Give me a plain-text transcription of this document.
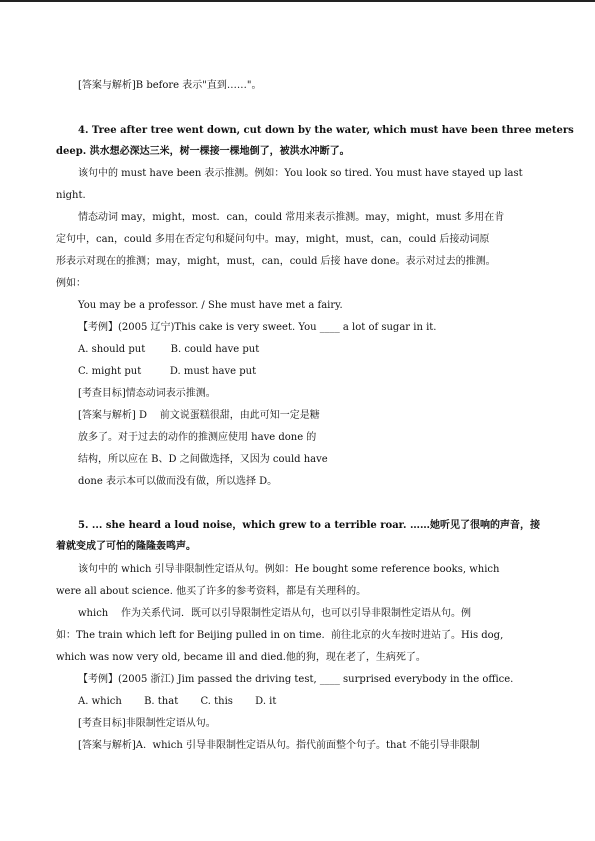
[答案与解析]B before 表示"直到……"。
4. Tree after tree went down, cut down by the water, which must have been three meters
deep. 洪水想必深达三米，树一棵接一棵地倒了，被洪水冲断了。
该句中的 must have been 表示推测。例如：You look so tired. You must have stayed up last
night.
情态动词 may，might，most．can，could 常用来表示推测。may，might，must 多用在肯
定句中，can，could 多用在否定句和疑问句中。may，might，must，can，could 后接动词原
形表示对现在的推测；may，might，must，can，could 后接 have done。表示对过去的推测。
例如：
You may be a professor. / She must have met a fairy.
【考例】(2005 辽宁)This cake is very sweet. You ____ a lot of sugar in it.
A. should put        B. could have put
C. might put         D. must have put
[考查目标]情态动词表示推测。
[答案与解析] D    前文说蛋糕很甜，由此可知一定是糖
放多了。对于过去的动作的推测应使用 have done 的
结构，所以应在 B、D 之间做选择，又因为 could have
done 表示本可以做而没有做，所以选择 D。
5. ... she heard a loud noise，which grew to a terrible roar. ……她听见了很响的声音，接
着就变成了可怕的隆隆轰鸣声。
该句中的 which 引导非限制性定语从句。例如：He bought some reference books, which
were all about science. 他买了许多的参考资料，都是有关理科的。
which    作为关系代词．既可以引导限制性定语从句，也可以引导非限制性定语从句。例
如：The train which left for Beijing pulled in on time.  前往北京的火车按时进站了。His dog,
which was now very old, became ill and died.他的狗，现在老了，生病死了。
【考例】(2005 浙江) Jim passed the driving test, ____ surprised everybody in the office.
A. which       B. that       C. this       D. it
[考查目标]非限制性定语从句。
[答案与解析]A.  which 引导非限制性定语从句。指代前面整个句子。that 不能引导非限制
